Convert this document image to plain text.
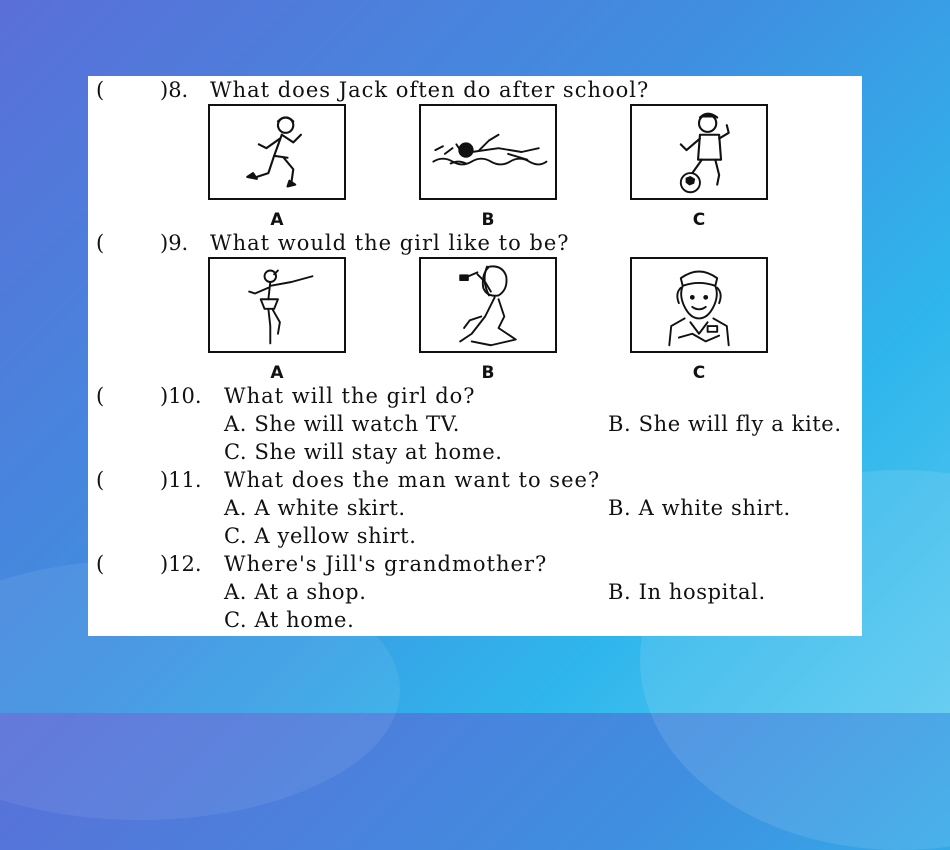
(	)8. What does Jack often do after school?
A	B	C
(	)9. What would the girl like to be?
A	B	C
(	)10. What will the girl do?
A. She will watch TV.	B. She will fly a kite.
C. She will stay at home.
(	)11. What does the man want to see?
A. A white skirt.	B. A white shirt.
C. A yellow shirt.
(	)12. Where's Jill's grandmother?
A. At a shop.	B. In hospital.
C. At home.
